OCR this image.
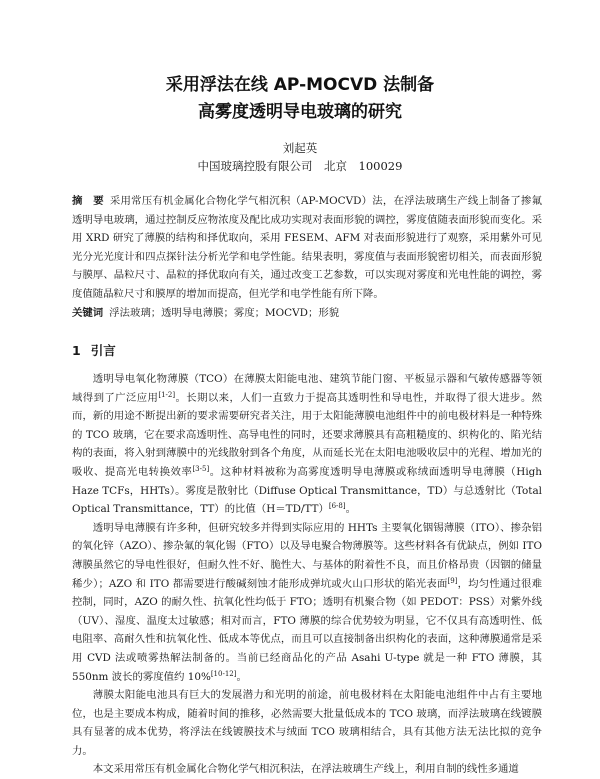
采用浮法在线 AP-MOCVD 法制备
高雾度透明导电玻璃的研究

刘起英

中国玻璃控股有限公司　北京　100029

摘　要 采用常压有机金属化合物化学气相沉积（AP-MOCVD）法，在浮法玻璃生产线上制备了掺氟透明导电玻璃，通过控制反应物浓度及配比成功实现对表面形貌的调控，雾度值随表面形貌而变化。采用 XRD 研究了薄膜的结构和择优取向，采用 FESEM、AFM 对表面形貌进行了观察，采用紫外可见光分光光度计和四点探针法分析光学和电学性能。结果表明，雾度值与表面形貌密切相关，而表面形貌与膜厚、晶粒尺寸、晶粒的择优取向有关，通过改变工艺参数，可以实现对雾度和光电性能的调控，雾度值随晶粒尺寸和膜厚的增加而提高，但光学和电学性能有所下降。

关键词 浮法玻璃；透明导电薄膜；雾度；MOCVD；形貌

1 引言

透明导电氧化物薄膜（TCO）在薄膜太阳能电池、建筑节能门窗、平板显示器和气敏传感器等领域得到了广泛应用[1-2]。长期以来，人们一直致力于提高其透明性和导电性，并取得了很大进步。然而，新的用途不断提出新的要求需要研究者关注，用于太阳能薄膜电池组件中的前电极材料是一种特殊的 TCO 玻璃，它在要求高透明性、高导电性的同时，还要求薄膜具有高粗糙度的、织构化的、陷光结构的表面，将入射到薄膜中的光线散射到各个角度，从而延长光在太阳电池吸收层中的光程、增加光的吸收、提高光电转换效率[3-5]。这种材料被称为高雾度透明导电薄膜或称绒面透明导电薄膜（High Haze TCFs，HHTs）。雾度是散射比（Diffuse Optical Transmittance，TD）与总透射比（Total Optical Transmittance，TT）的比值（H＝TD/TT）[6-8]。

透明导电薄膜有许多种，但研究较多并得到实际应用的 HHTs 主要氧化铟锡薄膜（ITO）、掺杂铝的氧化锌（AZO）、掺杂氟的氧化锡（FTO）以及导电聚合物薄膜等。这些材料各有优缺点，例如 ITO 薄膜虽然它的导电性很好，但耐久性不好、脆性大、与基体的附着性不良，而且价格昂贵（因铟的储量稀少）；AZO 和 ITO 都需要进行酸碱刻蚀才能形成弹坑或火山口形状的陷光表面[9]，均匀性通过很难控制，同时，AZO 的耐久性、抗氧化性均低于 FTO；透明有机聚合物（如 PEDOT：PSS）对紫外线（UV）、湿度、温度太过敏感；相对而言，FTO 薄膜的综合优势较为明显，它不仅具有高透明性、低电阻率、高耐久性和抗氧化性、低成本等优点，而且可以直接制备出织构化的表面，这种薄膜通常是采用 CVD 法或喷雾热解法制备的。当前已经商品化的产品 Asahi U-type 就是一种 FTO 薄膜，其 550nm 波长的雾度值约 10%[10-12]。

薄膜太阳能电池具有巨大的发展潜力和光明的前途，前电极材料在太阳能电池组件中占有主要地位，也是主要成本构成，随着时间的推移，必然需要大批量低成本的 TCO 玻璃，而浮法玻璃在线镀膜具有显著的成本优势，将浮法在线镀膜技术与绒面 TCO 玻璃相结合，具有其他方法无法比拟的竞争力。

本文采用常压有机金属化合物化学气相沉积法，在浮法玻璃生产线上，利用自制的线性多通道
